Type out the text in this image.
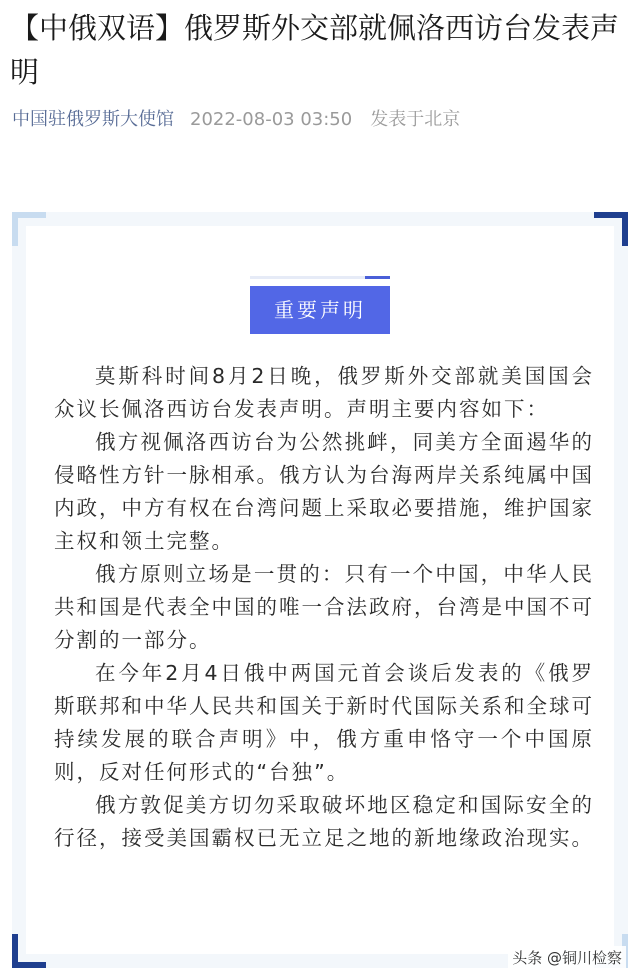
【中俄双语】俄罗斯外交部就佩洛西访台发表声明
中国驻俄罗斯大使馆 2022-08-03 03:50 发表于北京
重要声明

莫斯科时间8月2日晚，俄罗斯外交部就美国国会众议长佩洛西访台发表声明。声明主要内容如下：

俄方视佩洛西访台为公然挑衅，同美方全面遏华的侵略性方针一脉相承。俄方认为台海两岸关系纯属中国内政，中方有权在台湾问题上采取必要措施，维护国家主权和领土完整。

俄方原则立场是一贯的：只有一个中国，中华人民共和国是代表全中国的唯一合法政府，台湾是中国不可分割的一部分。

在今年2月4日俄中两国元首会谈后发表的《俄罗斯联邦和中华人民共和国关于新时代国际关系和全球可持续发展的联合声明》中，俄方重申恪守一个中国原则，反对任何形式的“台独”。

俄方敦促美方切勿采取破坏地区稳定和国际安全的行径，接受美国霸权已无立足之地的新地缘政治现实。

头条 @铜川检察
